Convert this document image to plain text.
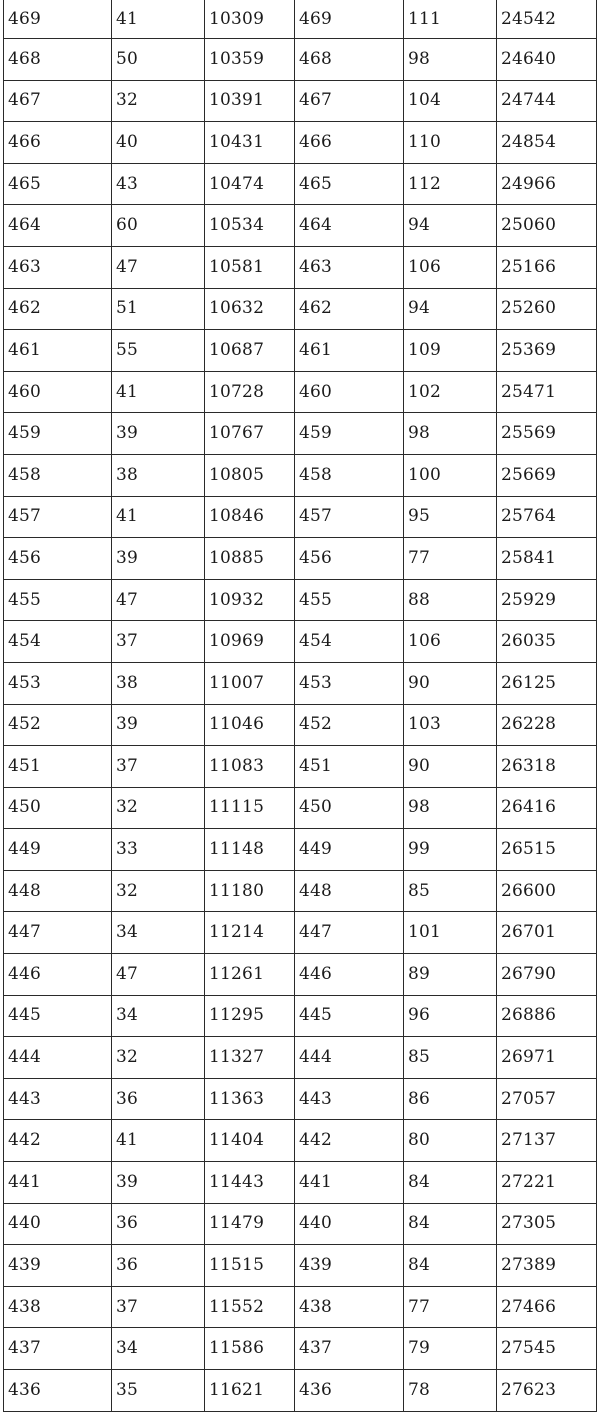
469	41	10309	469	111	24542
468	50	10359	468	98	24640
467	32	10391	467	104	24744
466	40	10431	466	110	24854
465	43	10474	465	112	24966
464	60	10534	464	94	25060
463	47	10581	463	106	25166
462	51	10632	462	94	25260
461	55	10687	461	109	25369
460	41	10728	460	102	25471
459	39	10767	459	98	25569
458	38	10805	458	100	25669
457	41	10846	457	95	25764
456	39	10885	456	77	25841
455	47	10932	455	88	25929
454	37	10969	454	106	26035
453	38	11007	453	90	26125
452	39	11046	452	103	26228
451	37	11083	451	90	26318
450	32	11115	450	98	26416
449	33	11148	449	99	26515
448	32	11180	448	85	26600
447	34	11214	447	101	26701
446	47	11261	446	89	26790
445	34	11295	445	96	26886
444	32	11327	444	85	26971
443	36	11363	443	86	27057
442	41	11404	442	80	27137
441	39	11443	441	84	27221
440	36	11479	440	84	27305
439	36	11515	439	84	27389
438	37	11552	438	77	27466
437	34	11586	437	79	27545
436	35	11621	436	78	27623
